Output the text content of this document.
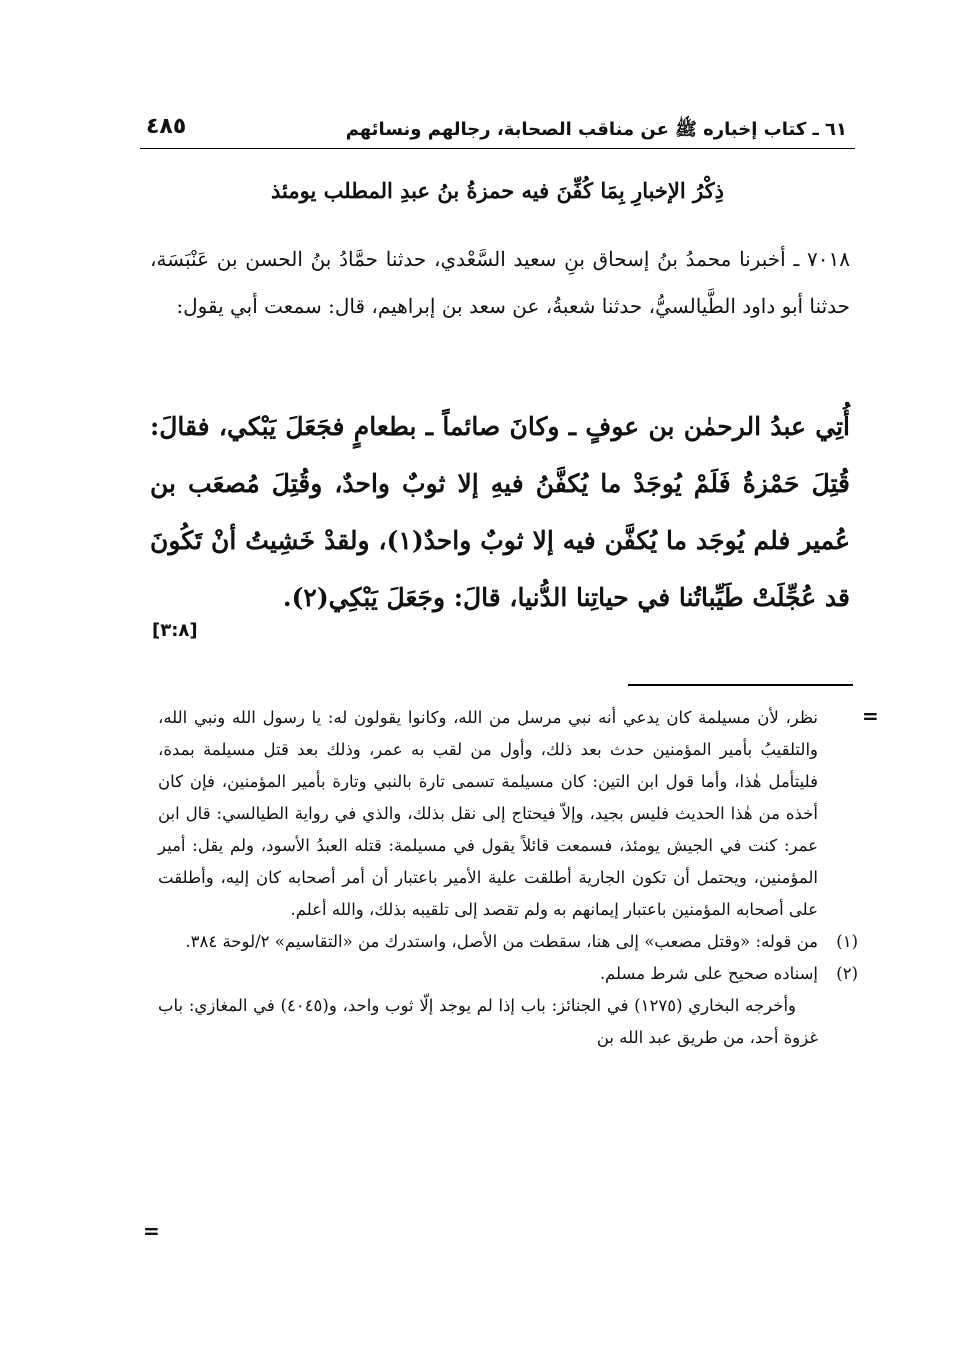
٦١ ـ كتاب إخباره ﷺ عن مناقب الصحابة، رجالهم ونسائهم
٤٨٥
ذِكْرُ الإخبارِ بِمَا كُفِّنَ فيه حمزةُ بنُ عبدِ المطلب يومئذ

٧٠١٨ ـ أخبرنا محمدُ بنُ إسحاق بنِ سعيد السَّعْدي، حدثنا حمَّادُ بنُ الحسن بن عَنْبَسَة، حدثنا أبو داود الطَّيالسيُّ، حدثنا شعبةُ، عن سعد بن إبراهيم، قال: سمعت أبي يقول:

أُتِي عبدُ الرحمٰن بن عوفٍ ـ وكانَ صائماً ـ بطعامٍ فجَعَلَ يَبْكي، فقالَ: قُتِلَ حَمْزةُ فَلَمْ يُوجَدْ ما يُكفَّنُ فيهِ إلا ثوبٌ واحدٌ، وقُتِلَ مُصعَب بن عُمير فلم يُوجَد ما يُكفَّن فيه إلا ثوبٌ واحدٌ(١)، ولقدْ خَشِيتُ أنْ تَكُونَ قد عُجِّلَتْ طَيِّباتُنا في حياتِنا الدُّنيا، قالَ: وجَعَلَ يَبْكِي(٢).

[٣:٨]
=

نظر، لأن مسيلمة كان يدعي أنه نبي مرسل من الله، وكانوا يقولون له: يا رسول الله ونبي الله، والتلقيبُ بأمير المؤمنين حدث بعد ذلك، وأول من لقب به عمر، وذلك بعد قتل مسيلمة بمدة، فليتأمل هٰذا، وأما قول ابن التين: كان مسيلمة تسمى تارة بالنبي وتارة بأمير المؤمنين، فإن كان أخذه من هٰذا الحديث فليس بجيد، وإلاّ فيحتاج إلى نقل بذلك، والذي في رواية الطيالسي: قال ابن عمر: كنت في الجيش يومئذ، فسمعت قائلاً يقول في مسيلمة: قتله العبدُ الأسود، ولم يقل: أمير المؤمنين، ويحتمل أن تكون الجارية أطلقت علية الأمير باعتبار أن أمر أصحابه كان إليه، وأطلقت على أصحابه المؤمنين باعتبار إيمانهم به ولم تقصد إلى تلقيبه بذلك، والله أعلم.

(١)
من قوله: «وقتل مصعب» إلى هنا، سقطت من الأصل، واستدرك من «التقاسيم» ٢/لوحة ٣٨٤.
(٢)
إسناده صحيح على شرط مسلم.

وأخرجه البخاري (١٢٧٥) في الجنائز: باب إذا لم يوجد إلّا ثوب واحد، و(٤٠٤٥) في المغازي: باب غزوة أحد، من طريق عبد الله بن

=
